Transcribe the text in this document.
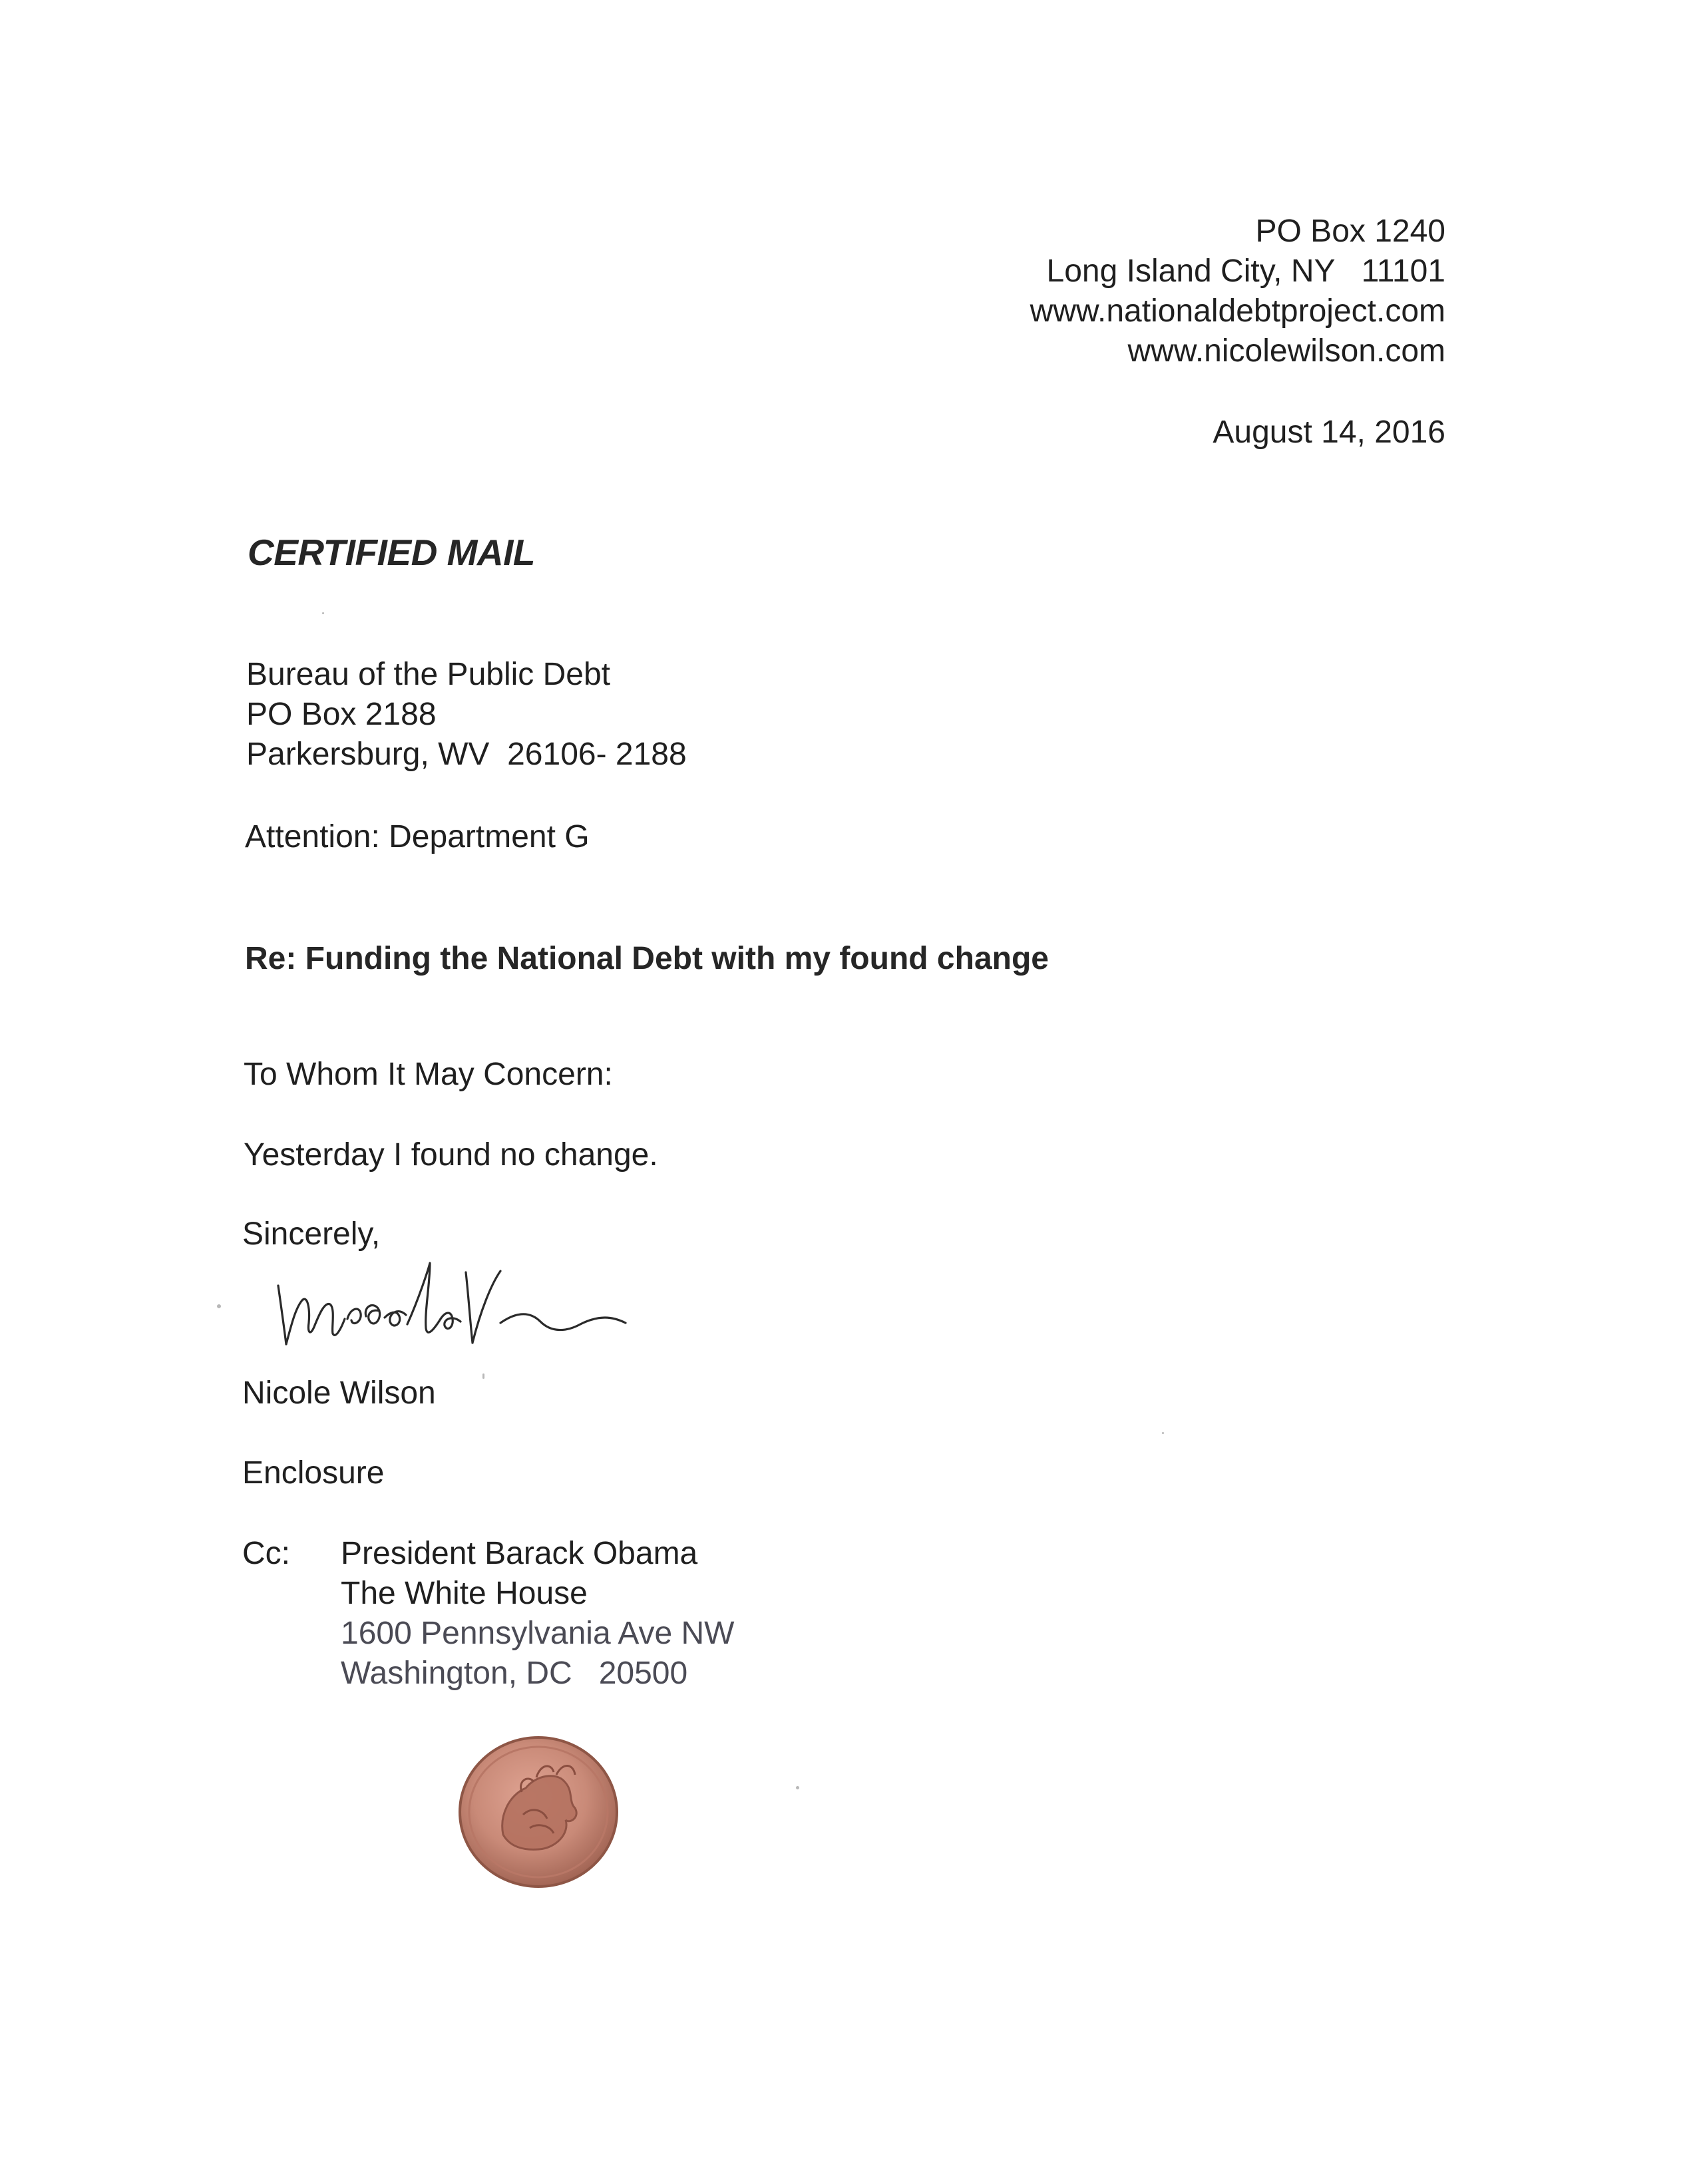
PO Box 1240
Long Island City, NY   11101
www.nationaldebtproject.com
www.nicolewilson.com
August 14, 2016
CERTIFIED MAIL
Bureau of the Public Debt
PO Box 2188
Parkersburg, WV  26106- 2188
Attention: Department G
Re: Funding the National Debt with my found change
To Whom It May Concern:
Yesterday I found no change.
Sincerely,
Nicole Wilson
Enclosure
Cc: President Barack Obama
The White House
1600 Pennsylvania Ave NW
Washington, DC   20500
